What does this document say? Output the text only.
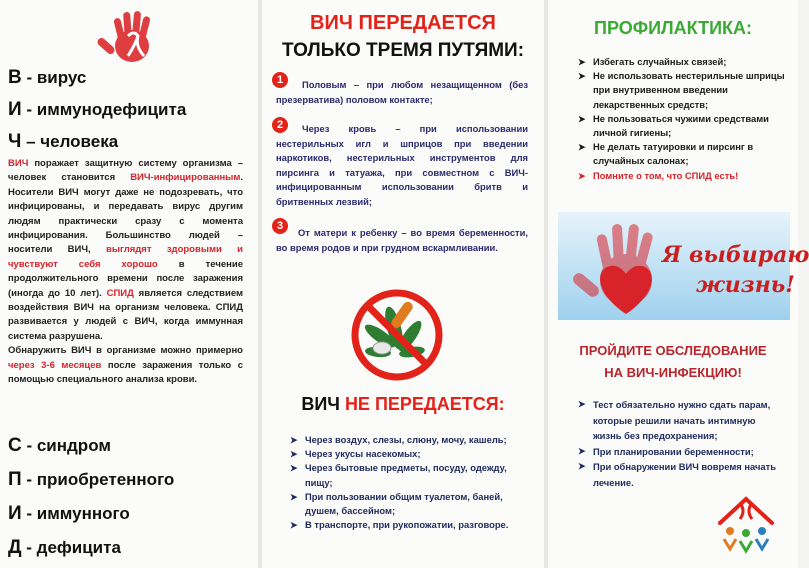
В - вирус
И - иммунодефицита
Ч – человека
ВИЧ поражает защитную систему организма – человек становится ВИЧ-инфицированным. Носители ВИЧ могут даже не подозревать, что инфицированы, и передавать вирус другим людям практически сразу с момента инфицирования. Большинство людей – носители ВИЧ, выглядят здоровыми и чувствуют себя хорошо в течение продолжительного времени после заражения (иногда до 10 лет). СПИД является следствием воздействия ВИЧ на организм человека. СПИД развивается у людей с ВИЧ, когда иммунная система разрушена.
Обнаружить ВИЧ в организме можно примерно через 3-6 месяцев после заражения только с помощью специального анализа крови.
С - синдром
П - приобретенного
И - иммунного
Д - дефицита
ВИЧ ПЕРЕДАЕТСЯ
ТОЛЬКО ТРЕМЯ ПУТЯМИ:
1	Половым – при любом незащищенном (без презерватива) половом контакте;
2	Через кровь – при использовании нестерильных игл и шприцов при введении наркотиков, нестерильных инструментов для пирсинга и татуажа, при совместном с ВИЧ-инфицированным использовании бритв и бритвенных лезвий;
3
От матери к ребенку – во время беременности, во время родов и при грудном вскармливании.
ВИЧ НЕ ПЕРЕДАЕТСЯ:
➤ Через воздух, слезы, слюну, мочу, кашель;
➤ Через укусы насекомых;
➤ Через бытовые предметы, посуду, одежду, пищу;
➤ При пользовании общим туалетом, баней, душем, бассейном;
➤ В транспорте, при рукопожатии, разговоре.
ПРОФИЛАКТИКА:
➤ Избегать случайных связей;
➤ Не использовать нестерильные шприцы при внутривенном введении лекарственных средств;
➤ Не пользоваться чужими средствами личной гигиены;
➤ Не делать татуировки и пирсинг в случайных салонах;
➤ Помните о том, что СПИД есть!
Я выбираю
жизнь!
ПРОЙДИТЕ ОБСЛЕДОВАНИЕ
НА ВИЧ-ИНФЕКЦИЮ!
➤ Тест обязательно нужно сдать парам, которые решили начать интимную жизнь без предохранения;
➤ При планировании беременности;
➤ При обнаружении ВИЧ вовремя начать лечение.
